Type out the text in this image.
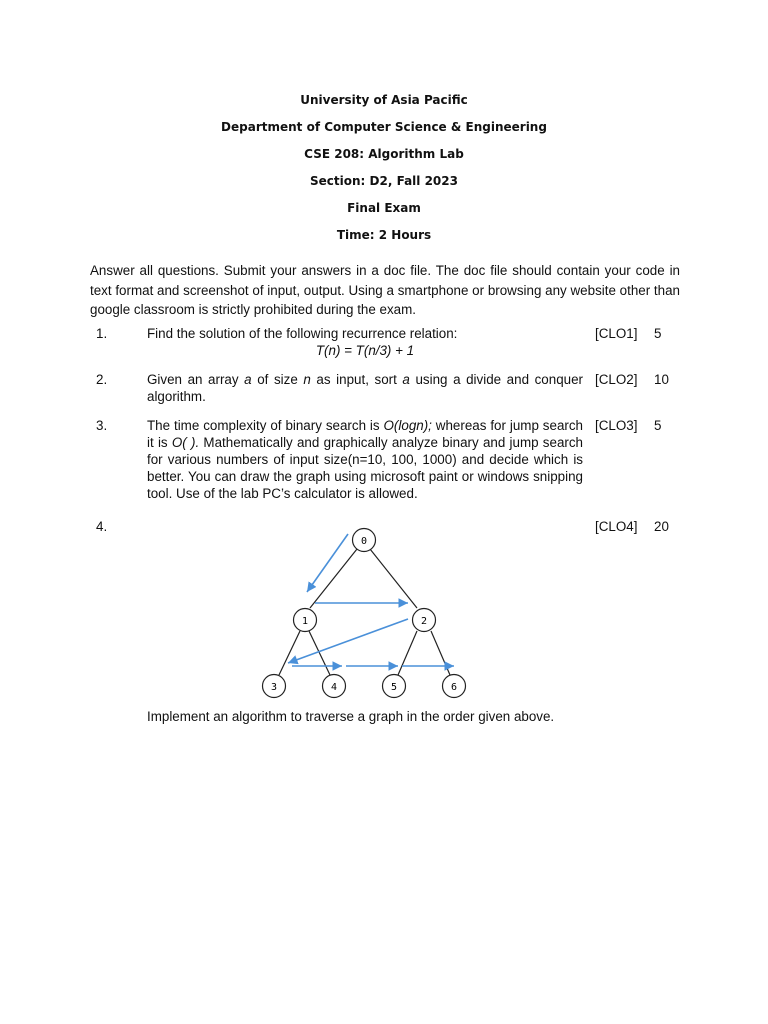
University of Asia Pacific
Department of Computer Science & Engineering
CSE 208: Algorithm Lab
Section: D2, Fall 2023
Final Exam
Time: 2 Hours
Answer all questions. Submit your answers in a doc file. The doc file should contain your code in text format and screenshot of input, output. Using a smartphone or browsing any website other than google classroom is strictly prohibited during the exam.
1.	Find the solution of the following recurrence relation:
T(n) = T(n/3) + 1
[CLO1] 5
2.	Given an array a of size n as input, sort a using a divide and conquer algorithm.
[CLO2] 10
3.	The time complexity of binary search is O(logn); whereas for jump search it is O( ). Mathematically and graphically analyze binary and jump search for various numbers of input size(n=10, 100, 1000) and decide which is better. You can draw the graph using microsoft paint or windows snipping tool. Use of the lab PC’s calculator is allowed.
[CLO3] 5
4.	[CLO4] 20
0
1	2
3	4	5	6
Implement an algorithm to traverse a graph in the order given above.
